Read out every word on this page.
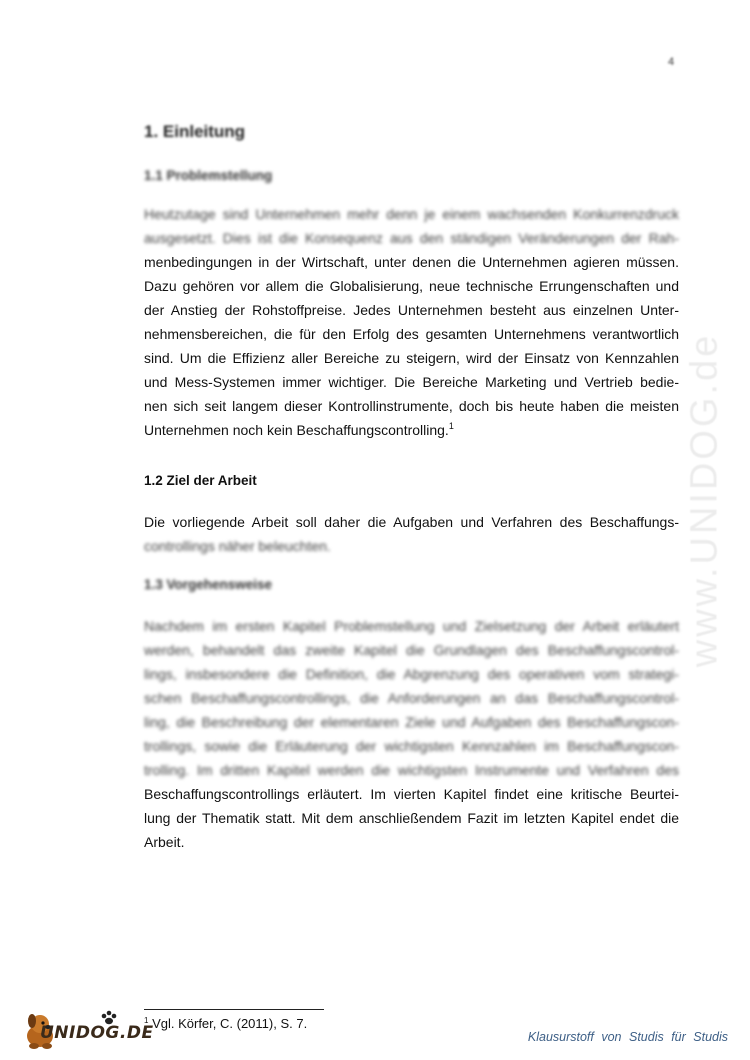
www.UNIDOG.de
4
1. Einleitung
1.1 Problemstellung
Heutzutage sind Unternehmen mehr denn je einem wachsenden Konkurrenzdruck
ausgesetzt. Dies ist die Konsequenz aus den ständigen Veränderungen der Rah-
menbedingungen in der Wirtschaft, unter denen die Unternehmen agieren müssen.
Dazu gehören vor allem die Globalisierung, neue technische Errungenschaften und
der Anstieg der Rohstoffpreise. Jedes Unternehmen besteht aus einzelnen Unter-
nehmensbereichen, die für den Erfolg des gesamten Unternehmens verantwortlich
sind. Um die Effizienz aller Bereiche zu steigern, wird der Einsatz von Kennzahlen
und Mess-Systemen immer wichtiger. Die Bereiche Marketing und Vertrieb bedie-
nen sich seit langem dieser Kontrollinstrumente, doch bis heute haben die meisten
Unternehmen noch kein Beschaffungscontrolling.$^1$
1.2 Ziel der Arbeit
Die vorliegende Arbeit soll daher die Aufgaben und Verfahren des Beschaffungs-
controllings näher beleuchten.
1.3 Vorgehensweise
Nachdem im ersten Kapitel Problemstellung und Zielsetzung der Arbeit erläutert
werden, behandelt das zweite Kapitel die Grundlagen des Beschaffungscontrol-
lings, insbesondere die Definition, die Abgrenzung des operativen vom strategi-
schen Beschaffungscontrollings, die Anforderungen an das Beschaffungscontrol-
ling, die Beschreibung der elementaren Ziele und Aufgaben des Beschaffungscon-
trollings, sowie die Erläuterung der wichtigsten Kennzahlen im Beschaffungscon-
trolling. Im dritten Kapitel werden die wichtigsten Instrumente und Verfahren des
Beschaffungscontrollings erläutert. Im vierten Kapitel findet eine kritische Beurtei-
lung der Thematik statt. Mit dem anschließendem Fazit im letzten Kapitel endet die
Arbeit.
$^1$ Vgl. Körfer, C. (2011), S. 7.
UNIDOG.DE	Klausurstoff von Studis für Studis
